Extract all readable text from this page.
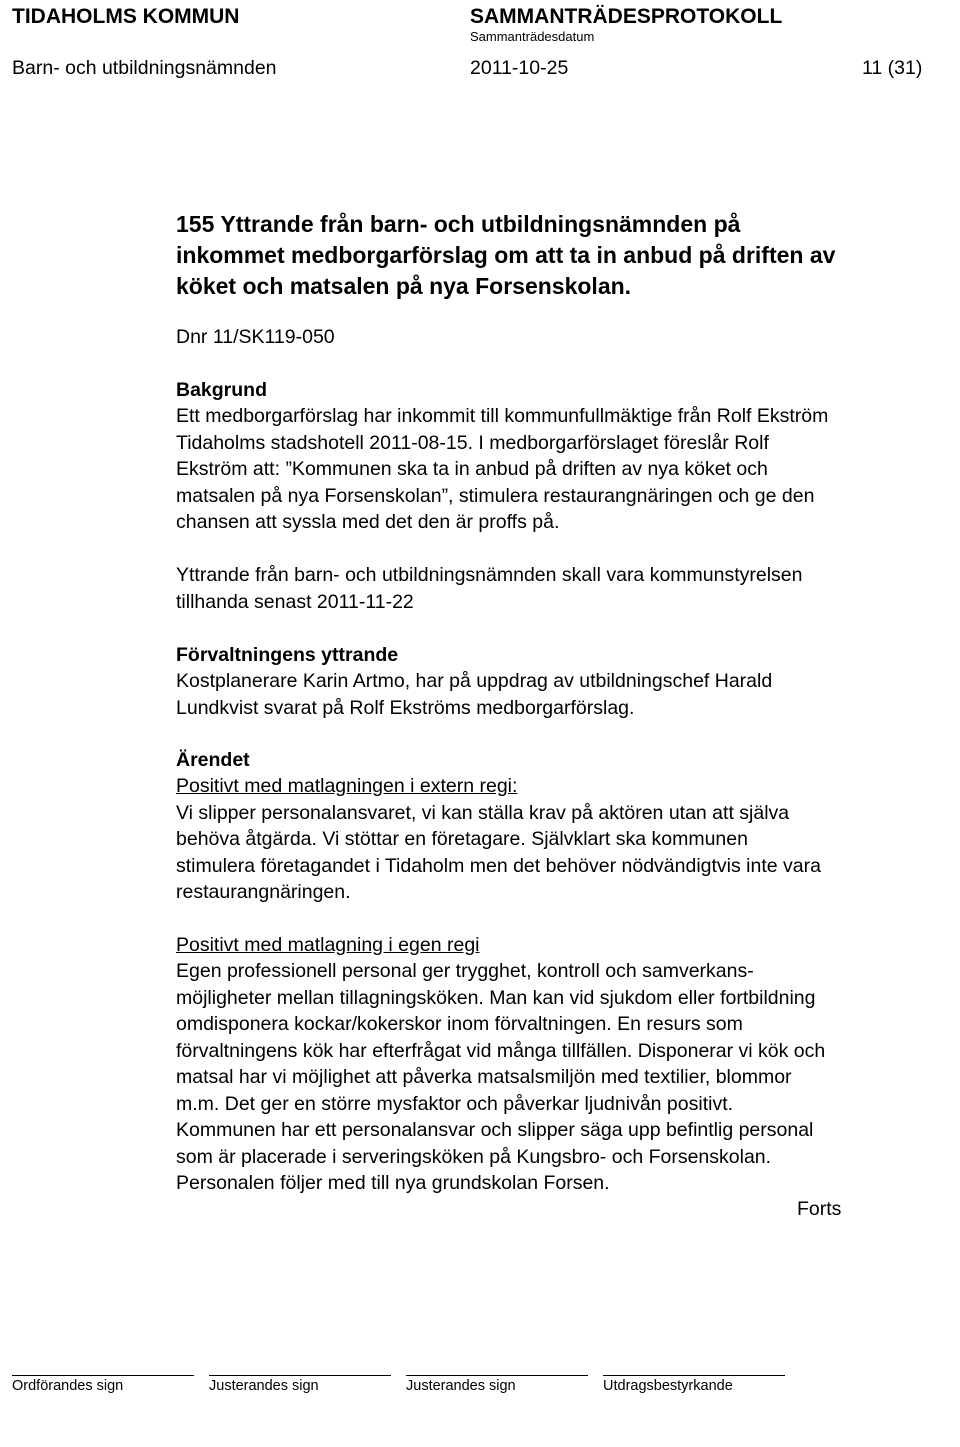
TIDAHOLMS KOMMUN	SAMMANTRÄDESPROTOKOLL
Sammanträdesdatum
Barn- och utbildningsnämnden	2011-10-25	11 (31)
155 Yttrande från barn- och utbildningsnämnden på
inkommet medborgarförslag om att ta in anbud på driften av
köket och matsalen på nya Forsenskolan.
Dnr 11/SK119-050
Bakgrund
Ett medborgarförslag har inkommit till kommunfullmäktige från Rolf Ekström
Tidaholms stadshotell 2011-08-15. I medborgarförslaget föreslår Rolf
Ekström att: ”Kommunen ska ta in anbud på driften av nya köket och
matsalen på nya Forsenskolan”, stimulera restaurangnäringen och ge den
chansen att syssla med det den är proffs på.
Yttrande från barn- och utbildningsnämnden skall vara kommunstyrelsen
tillhanda senast 2011-11-22
Förvaltningens yttrande
Kostplanerare Karin Artmo, har på uppdrag av utbildningschef Harald
Lundkvist svarat på Rolf Ekströms medborgarförslag.
Ärendet
Positivt med matlagningen i extern regi:
Vi slipper personalansvaret, vi kan ställa krav på aktören utan att själva
behöva åtgärda. Vi stöttar en företagare. Självklart ska kommunen
stimulera företagandet i Tidaholm men det behöver nödvändigtvis inte vara
restaurangnäringen.
Positivt med matlagning i egen regi
Egen professionell personal ger trygghet, kontroll och samverkans-
möjligheter mellan tillagningsköken. Man kan vid sjukdom eller fortbildning
omdisponera kockar/kokerskor inom förvaltningen. En resurs som
förvaltningens kök har efterfrågat vid många tillfällen. Disponerar vi kök och
matsal har vi möjlighet att påverka matsalsmiljön med textilier, blommor
m.m. Det ger en större mysfaktor och påverkar ljudnivån positivt.
Kommunen har ett personalansvar och slipper säga upp befintlig personal
som är placerade i serveringsköken på Kungsbro- och Forsenskolan.
Personalen följer med till nya grundskolan Forsen.
Forts
Ordförandes sign	Justerandes sign	Justerandes sign	Utdragsbestyrkande
